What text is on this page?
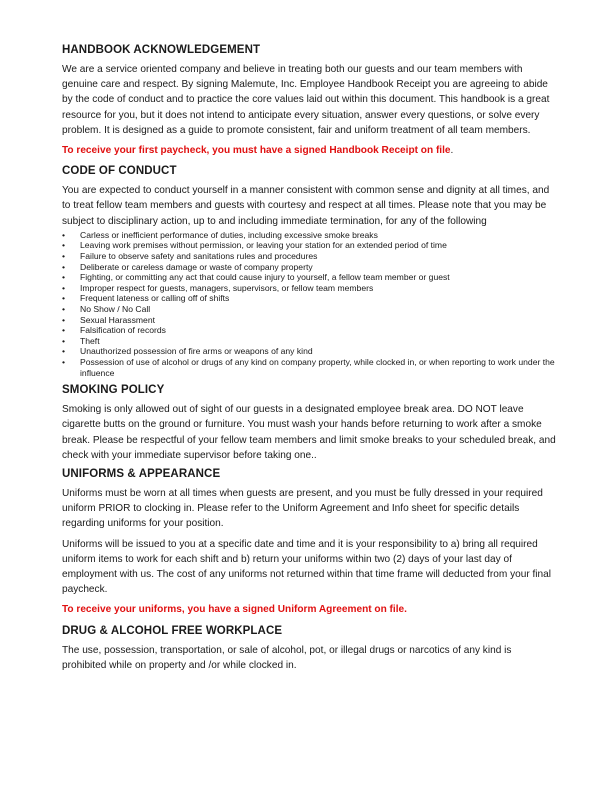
HANDBOOK ACKNOWLEDGEMENT

We are a service oriented company and believe in treating both our guests and our team members with genuine care and respect. By signing Malemute, Inc. Employee Handbook Receipt you are agreeing to abide by the code of conduct and to practice the core values laid out within this document. This handbook is a great resource for you, but it does not intend to anticipate every situation, answer every questions, or solve every problem. It is designed as a guide to promote consistent, fair and uniform treatment of all team members.

To receive your first paycheck, you must have a signed Handbook Receipt on file.
CODE OF CONDUCT

You are expected to conduct yourself in a manner consistent with common sense and dignity at all times, and to treat fellow team members and guests with courtesy and respect at all times. Please note that you may be subject to disciplinary action, up to and including immediate termination, for any of the following

• Carless or inefficient performance of duties, including excessive smoke breaks
• Leaving work premises without permission, or leaving your station for an extended period of time
• Failure to observe safety and sanitations rules and procedures
• Deliberate or careless damage or waste of company property
• Fighting, or committing any act that could cause injury to yourself, a fellow team member or guest
• Improper respect for guests, managers, supervisors, or fellow team members
• Frequent lateness or calling off of shifts
• No Show / No Call
• Sexual Harassment
• Falsification of records
• Theft
• Unauthorized possession of fire arms or weapons of any kind
• Possession of use of alcohol or drugs of any kind on company property, while clocked in, or when reporting to work under the influence
SMOKING POLICY

Smoking is only allowed out of sight of our guests in a designated employee break area. DO NOT leave cigarette butts on the ground or furniture. You must wash your hands before returning to work after a smoke break. Please be respectful of your fellow team members and limit smoke breaks to your scheduled break, and check with your immediate supervisor before taking one..

UNIFORMS & APPEARANCE

Uniforms must be worn at all times when guests are present, and you must be fully dressed in your required uniform PRIOR to clocking in. Please refer to the Uniform Agreement and Info sheet for specific details regarding uniforms for your position.

Uniforms will be issued to you at a specific date and time and it is your responsibility to a) bring all required uniform items to work for each shift and b) return your uniforms within two (2) days of your last day of employment with us. The cost of any uniforms not returned within that time frame will deducted from your final paycheck.

To receive your uniforms, you have a signed Uniform Agreement on file.
DRUG & ALCOHOL FREE WORKPLACE

The use, possession, transportation, or sale of alcohol, pot, or illegal drugs or narcotics of any kind is prohibited while on property and /or while clocked in.
